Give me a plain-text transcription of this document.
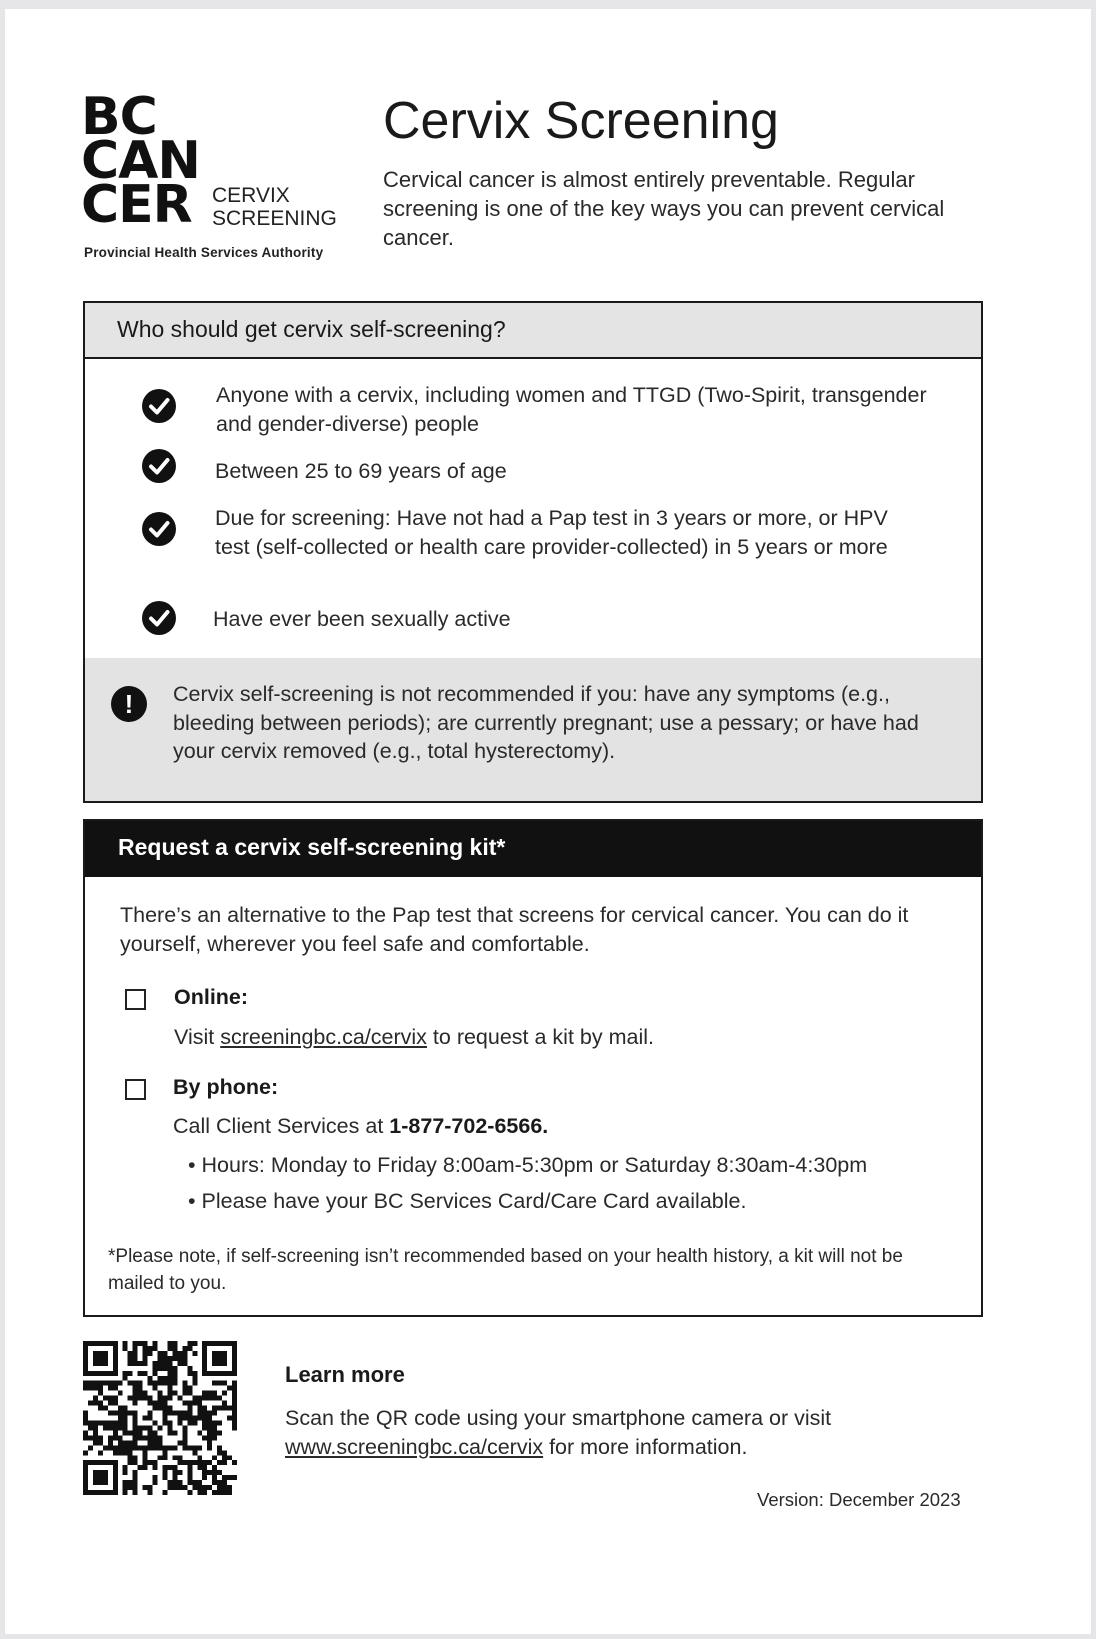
BC
CAN
CER CERVIX
SCREENING
Provincial Health Services Authority
Cervix Screening
Cervical cancer is almost entirely preventable. Regular screening is one of the key ways you can prevent cervical cancer.
Who should get cervix self-screening?
Anyone with a cervix, including women and TTGD (Two-Spirit, transgender and gender-diverse) people
Between 25 to 69 years of age
Due for screening: Have not had a Pap test in 3 years or more, or HPV test (self-collected or health care provider-collected) in 5 years or more
Have ever been sexually active
!	Cervix self-screening is not recommended if you: have any symptoms (e.g., bleeding between periods); are currently pregnant; use a pessary; or have had your cervix removed (e.g., total hysterectomy).
Request a cervix self-screening kit*
There’s an alternative to the Pap test that screens for cervical cancer. You can do it yourself, wherever you feel safe and comfortable.
Online:
Visit screeningbc.ca/cervix to request a kit by mail.
By phone:
Call Client Services at 1-877-702-6566.
• Hours: Monday to Friday 8:00am-5:30pm or Saturday 8:30am-4:30pm
• Please have your BC Services Card/Care Card available.
*Please note, if self-screening isn’t recommended based on your health history, a kit will not be mailed to you.
Learn more
Scan the QR code using your smartphone camera or visit
www.screeningbc.ca/cervix for more information.
Version: December 2023
